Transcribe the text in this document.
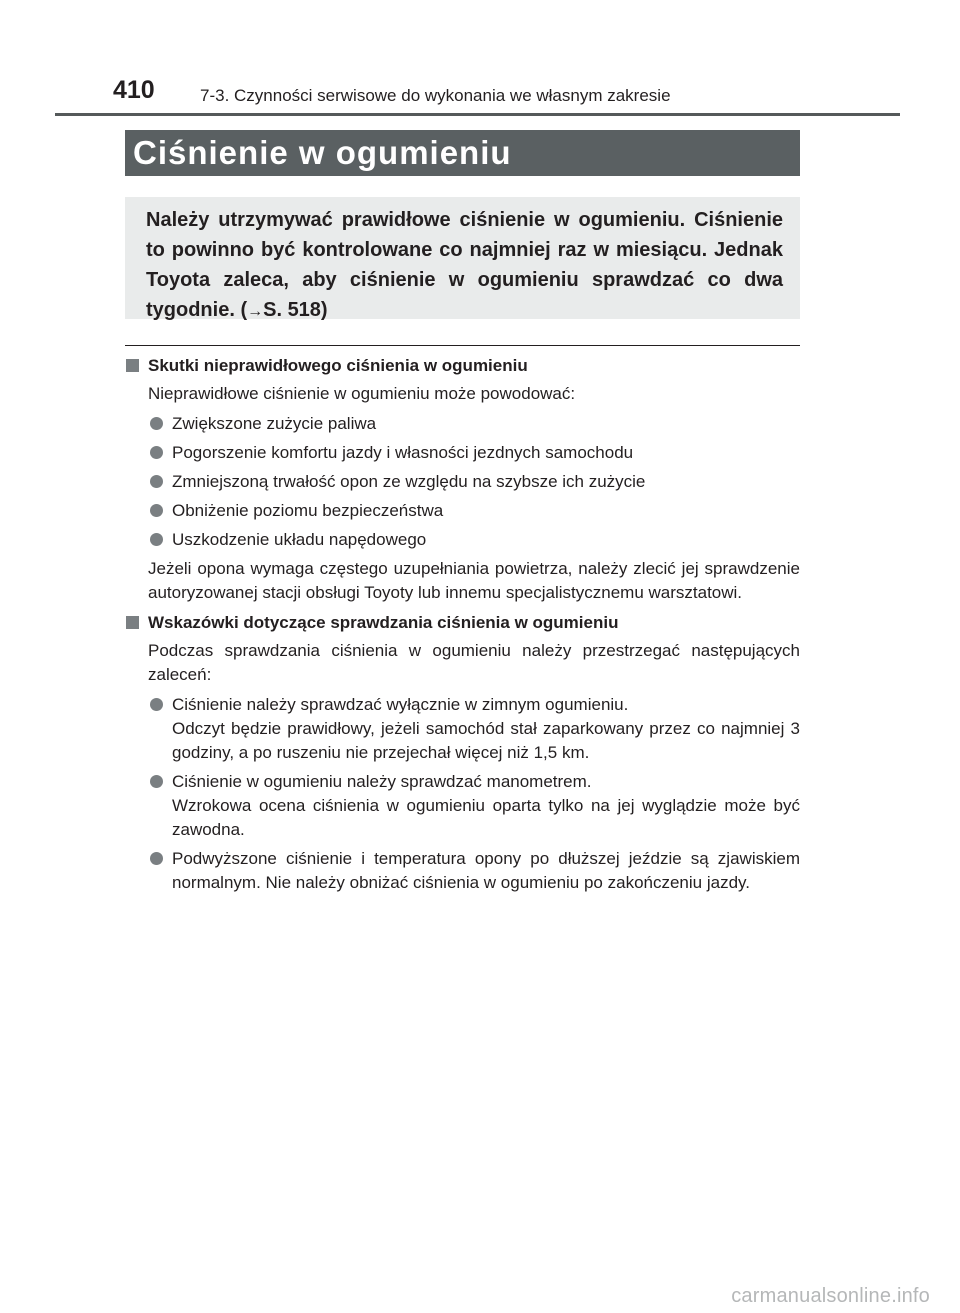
410	7-3. Czynności serwisowe do wykonania we własnym zakresie
Ciśnienie w ogumieniu
Należy utrzymywać prawidłowe ciśnienie w ogumieniu. Ciśnienie to powinno być kontrolowane co najmniej raz w miesiącu. Jednak Toyota zaleca, aby ciśnienie w ogumieniu sprawdzać co dwa tygodnie. (→S. 518)
Skutki nieprawidłowego ciśnienia w ogumieniu
Nieprawidłowe ciśnienie w ogumieniu może powodować:
Zwiększone zużycie paliwa
Pogorszenie komfortu jazdy i własności jezdnych samochodu
Zmniejszoną trwałość opon ze względu na szybsze ich zużycie
Obniżenie poziomu bezpieczeństwa
Uszkodzenie układu napędowego
Jeżeli opona wymaga częstego uzupełniania powietrza, należy zlecić jej sprawdzenie autoryzowanej stacji obsługi Toyoty lub innemu specjalistycznemu warsztatowi.
Wskazówki dotyczące sprawdzania ciśnienia w ogumieniu
Podczas sprawdzania ciśnienia w ogumieniu należy przestrzegać następujących zaleceń:
Ciśnienie należy sprawdzać wyłącznie w zimnym ogumieniu.
Odczyt będzie prawidłowy, jeżeli samochód stał zaparkowany przez co najmniej 3 godziny, a po ruszeniu nie przejechał więcej niż 1,5 km.
Ciśnienie w ogumieniu należy sprawdzać manometrem.
Wzrokowa ocena ciśnienia w ogumieniu oparta tylko na jej wyglądzie może być zawodna.
Podwyższone ciśnienie i temperatura opony po dłuższej jeździe są zjawiskiem normalnym. Nie należy obniżać ciśnienia w ogumieniu po zakończeniu jazdy.
carmanualsonline.info
